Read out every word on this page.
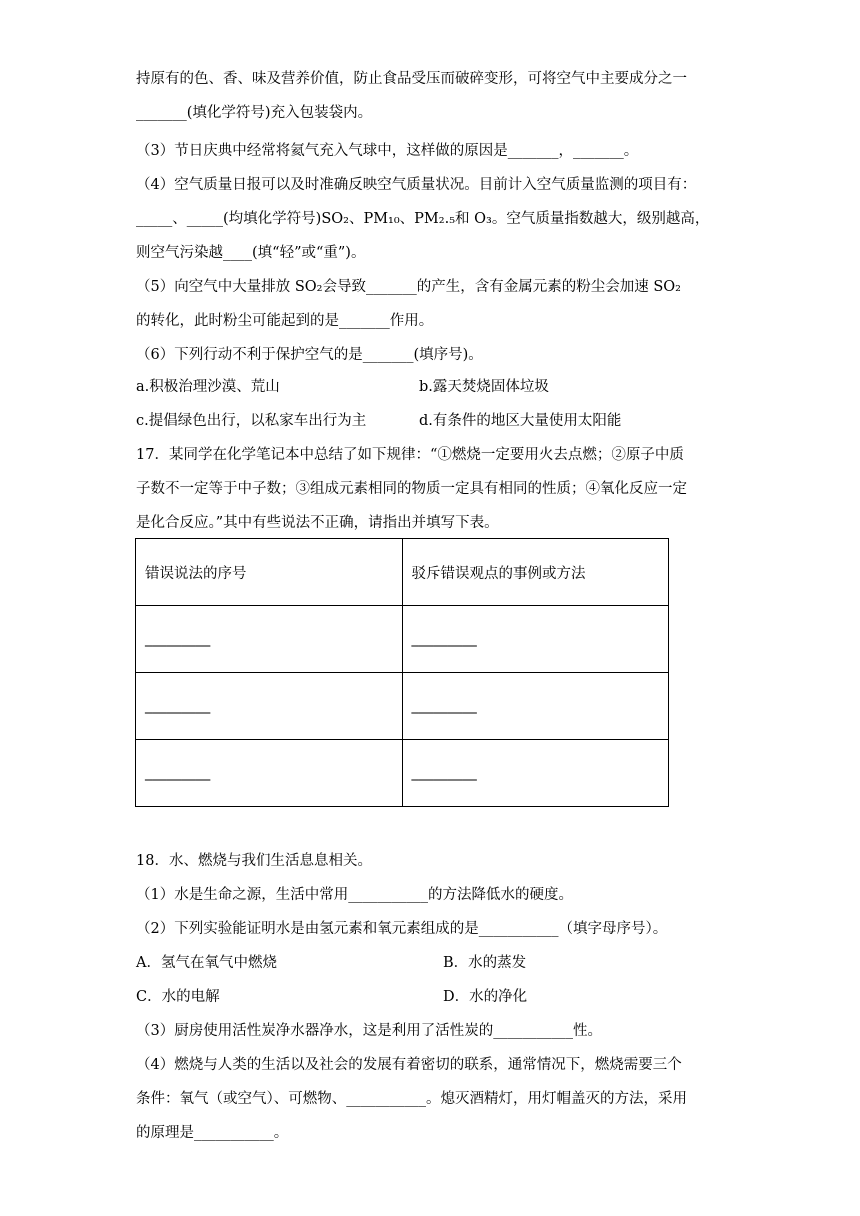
持原有的色、香、味及营养价值，防止食品受压而破碎变形，可将空气中主要成分之一
_______(填化学符号)充入包装袋内。
（3）节日庆典中经常将氦气充入气球中，这样做的原因是_______，_______。
（4）空气质量日报可以及时准确反映空气质量状况。目前计入空气质量监测的项目有：
_____、_____(均填化学符号)SO₂、PM₁₀、PM₂.₅和 O₃。空气质量指数越大，级别越高，
则空气污染越____(填“轻”或“重”)。
（5）向空气中大量排放 SO₂会导致_______的产生，含有金属元素的粉尘会加速 SO₂
的转化，此时粉尘可能起到的是_______作用。
（6）下列行动不利于保护空气的是_______(填序号)。
a.积极治理沙漠、荒山	b.露天焚烧固体垃圾
c.提倡绿色出行，以私家车出行为主	d.有条件的地区大量使用太阳能
17．某同学在化学笔记本中总结了如下规律：“①燃烧一定要用火去点燃；②原子中质
子数不一定等于中子数；③组成元素相同的物质一定具有相同的性质；④氧化反应一定
是化合反应。”其中有些说法不正确，请指出并填写下表。
错误说法的序号	驳斥错误观点的事例或方法
_________	_________
_________	_________
_________	_________
18．水、燃烧与我们生活息息相关。
（1）水是生命之源，生活中常用___________的方法降低水的硬度。
（2）下列实验能证明水是由氢元素和氧元素组成的是___________（填字母序号）。
A．氢气在氧气中燃烧	B．水的蒸发
C．水的电解	D．水的净化
（3）厨房使用活性炭净水器净水，这是利用了活性炭的___________性。
（4）燃烧与人类的生活以及社会的发展有着密切的联系，通常情况下，燃烧需要三个
条件：氧气（或空气）、可燃物、___________。熄灭酒精灯，用灯帽盖灭的方法，采用
的原理是___________。
